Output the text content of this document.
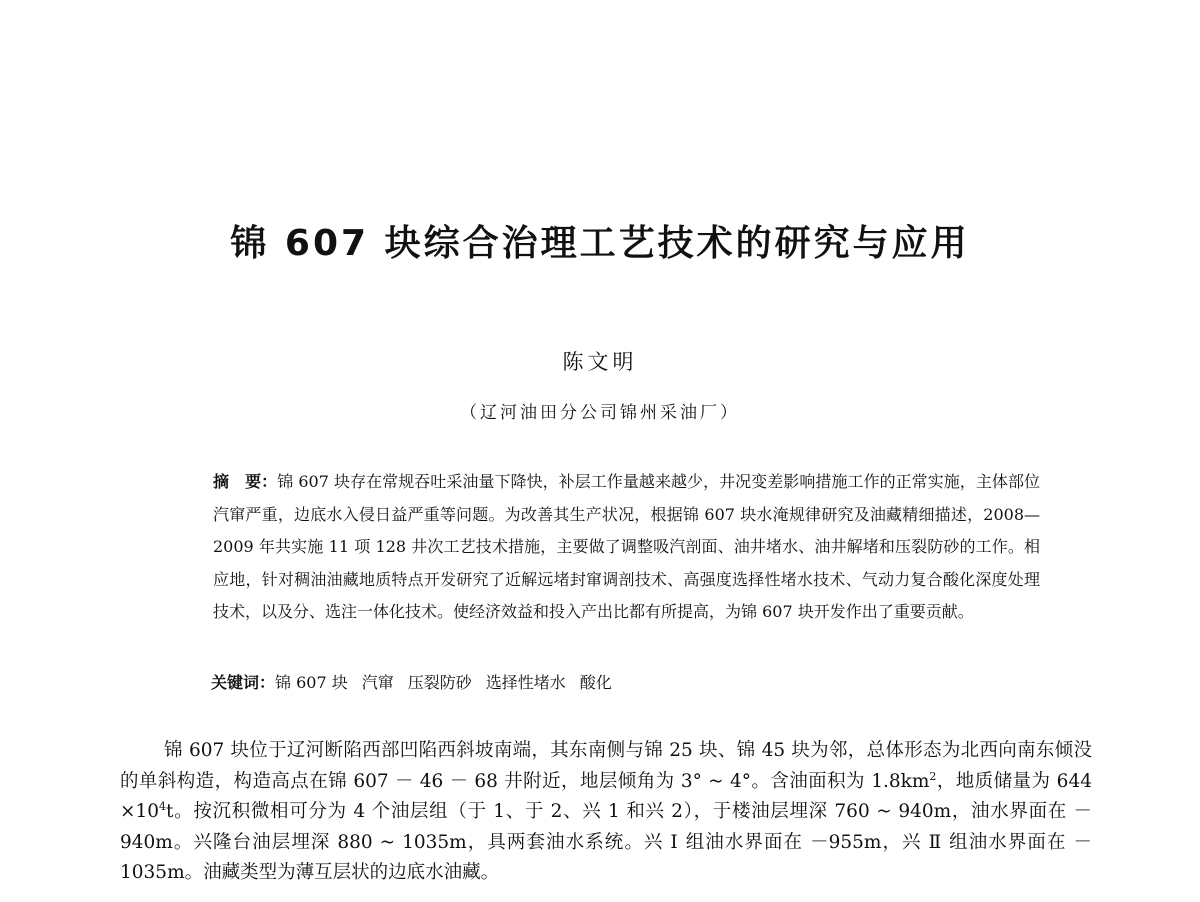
锦 607 块综合治理工艺技术的研究与应用
陈文明
（辽河油田分公司锦州采油厂）
摘　要：锦 607 块存在常规吞吐采油量下降快，补层工作量越来越少，井况变差影响措施工作的正常实施，主体部位汽窜严重，边底水入侵日益严重等问题。为改善其生产状况，根据锦 607 块水淹规律研究及油藏精细描述，2008—2009 年共实施 11 项 128 井次工艺技术措施，主要做了调整吸汽剖面、油井堵水、油井解堵和压裂防砂的工作。相应地，针对稠油油藏地质特点开发研究了近解远堵封窜调剖技术、高强度选择性堵水技术、气动力复合酸化深度处理技术，以及分、选注一体化技术。使经济效益和投入产出比都有所提高，为锦 607 块开发作出了重要贡献。
关键词：锦 607 块 汽窜 压裂防砂 选择性堵水 酸化

锦 607 块位于辽河断陷西部凹陷西斜坡南端，其东南侧与锦 25 块、锦 45 块为邻，总体形态为北西向南东倾没的单斜构造，构造高点在锦 607 － 46 － 68 井附近，地层倾角为 3° ~ 4°。含油面积为 $1.8km^2$，地质储量为 $644 \times 10^4t$。按沉积微相可分为 4 个油层组（于 1、于 2、兴 1 和兴 2），于楼油层埋深 760 ~ 940m，油水界面在 －940m。兴隆台油层埋深 880 ~ 1035m，具两套油水系统。兴 Ⅰ 组油水界面在 －955m，兴 Ⅱ 组油水界面在 －1035m。油藏类型为薄互层状的边底水油藏。
